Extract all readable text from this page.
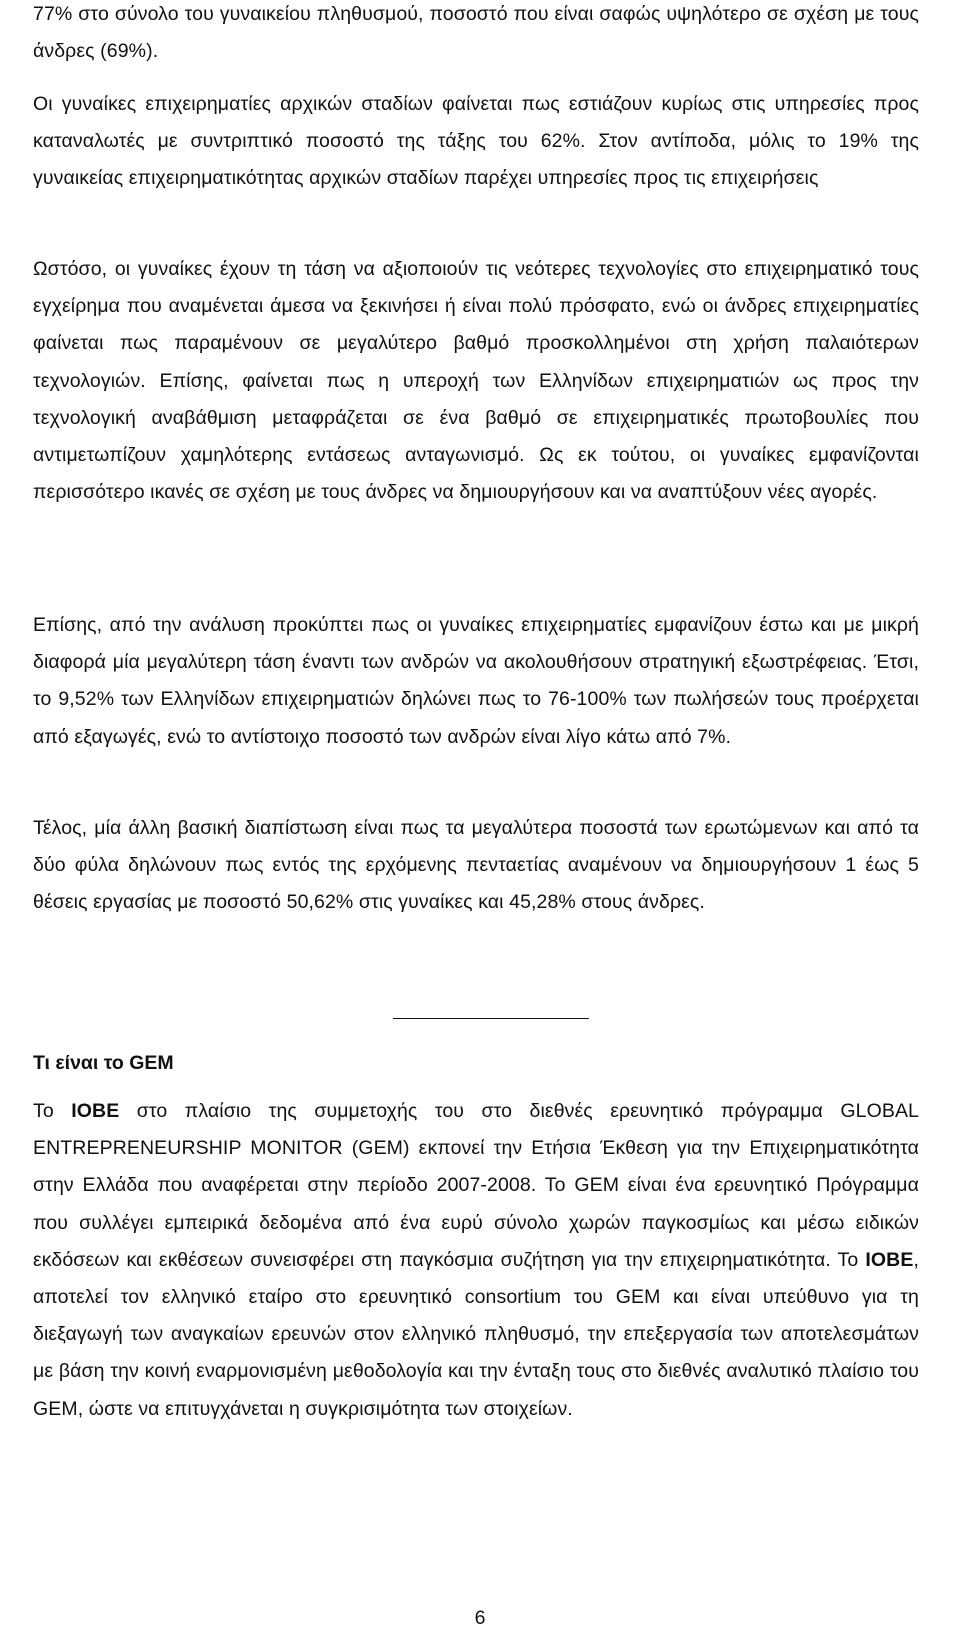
77% στο σύνολο του γυναικείου πληθυσμού, ποσοστό που είναι σαφώς υψηλότερο σε σχέση με τους άνδρες (69%).

Οι γυναίκες επιχειρηματίες αρχικών σταδίων φαίνεται πως εστιάζουν κυρίως στις υπηρεσίες προς καταναλωτές με συντριπτικό ποσοστό της τάξης του 62%. Στον αντίποδα, μόλις το 19% της γυναικείας επιχειρηματικότητας αρχικών σταδίων παρέχει υπηρεσίες προς τις επιχειρήσεις

Ωστόσο, οι γυναίκες έχουν τη τάση να αξιοποιούν τις νεότερες τεχνολογίες στο επιχειρηματικό τους εγχείρημα που αναμένεται άμεσα να ξεκινήσει ή είναι πολύ πρόσφατο, ενώ οι άνδρες επιχειρηματίες φαίνεται πως παραμένουν σε μεγαλύτερο βαθμό προσκολλημένοι στη χρήση παλαιότερων τεχνολογιών. Επίσης, φαίνεται πως η υπεροχή των Ελληνίδων επιχειρηματιών ως προς την τεχνολογική αναβάθμιση μεταφράζεται σε ένα βαθμό σε επιχειρηματικές πρωτοβουλίες που αντιμετωπίζουν χαμηλότερης εντάσεως ανταγωνισμό. Ως εκ τούτου, οι γυναίκες εμφανίζονται περισσότερο ικανές σε σχέση με τους άνδρες να δημιουργήσουν και να αναπτύξουν νέες αγορές.

Επίσης, από την ανάλυση προκύπτει πως οι γυναίκες επιχειρηματίες εμφανίζουν έστω και με μικρή διαφορά μία μεγαλύτερη τάση έναντι των ανδρών να ακολουθήσουν στρατηγική εξωστρέφειας. Έτσι, το 9,52% των Ελληνίδων επιχειρηματιών δηλώνει πως το 76-100% των πωλήσεών τους προέρχεται από εξαγωγές, ενώ το αντίστοιχο ποσοστό των ανδρών είναι λίγο κάτω από 7%.

Τέλος, μία άλλη βασική διαπίστωση είναι πως τα μεγαλύτερα ποσοστά των ερωτώμενων και από τα δύο φύλα δηλώνουν πως εντός της ερχόμενης πενταετίας αναμένουν να δημιουργήσουν 1 έως 5 θέσεις εργασίας με ποσοστό 50,62% στις γυναίκες και 45,28% στους άνδρες.

Τι είναι το GEM

Το IOBE στο πλαίσιο της συμμετοχής του στο διεθνές ερευνητικό πρόγραμμα GLOBAL ENTREPRENEURSHIP MONITOR (GEM) εκπονεί την Ετήσια Έκθεση για την Επιχειρηματικότητα στην Ελλάδα που αναφέρεται στην περίοδο 2007-2008. Το GEM είναι ένα ερευνητικό Πρόγραμμα που συλλέγει εμπειρικά δεδομένα από ένα ευρύ σύνολο χωρών παγκοσμίως και μέσω ειδικών εκδόσεων και εκθέσεων συνεισφέρει στη παγκόσμια συζήτηση για την επιχειρηματικότητα. Το IOBE, αποτελεί τον ελληνικό εταίρο στο ερευνητικό consortium του GEM και είναι υπεύθυνο για τη διεξαγωγή των αναγκαίων ερευνών στον ελληνικό πληθυσμό, την επεξεργασία των αποτελεσμάτων με βάση την κοινή εναρμονισμένη μεθοδολογία και την ένταξη τους στο διεθνές αναλυτικό πλαίσιο του GEM, ώστε να επιτυγχάνεται η συγκρισιμότητα των στοιχείων.

6
